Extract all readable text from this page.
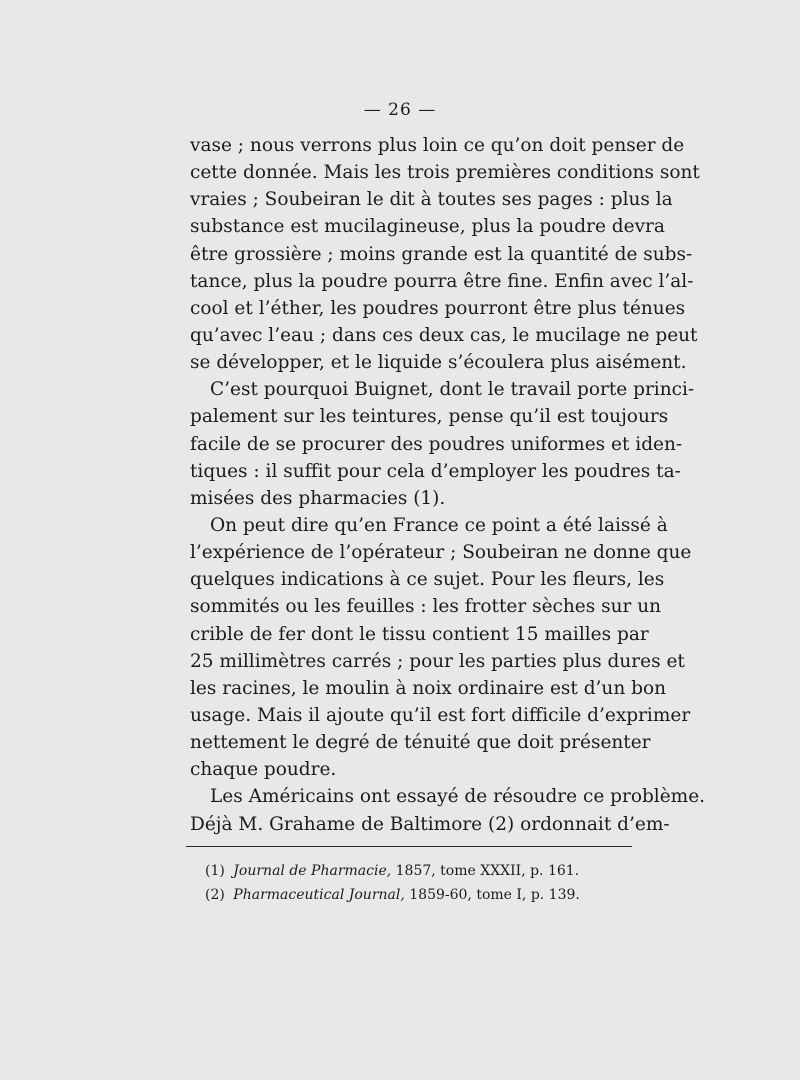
— 26 —
vase ; nous verrons plus loin ce qu’on doit penser de
cette donnée. Mais les trois premières conditions sont
vraies ; Soubeiran le dit à toutes ses pages : plus la
substance est mucilagineuse, plus la poudre devra
être grossière ; moins grande est la quantité de subs-
tance, plus la poudre pourra être fine. Enfin avec l’al-
cool et l’éther, les poudres pourront être plus ténues
qu’avec l’eau ; dans ces deux cas, le mucilage ne peut
se développer, et le liquide s’écoulera plus aisément.
C’est pourquoi Buignet, dont le travail porte princi-
palement sur les teintures, pense qu’il est toujours
facile de se procurer des poudres uniformes et iden-
tiques : il suffit pour cela d’employer les poudres ta-
misées des pharmacies (1).
On peut dire qu’en France ce point a été laissé à
l’expérience de l’opérateur ; Soubeiran ne donne que
quelques indications à ce sujet. Pour les fleurs, les
sommités ou les feuilles : les frotter sèches sur un
crible de fer dont le tissu contient 15 mailles par
25 millimètres carrés ; pour les parties plus dures et
les racines, le moulin à noix ordinaire est d’un bon
usage. Mais il ajoute qu’il est fort difficile d’exprimer
nettement le degré de ténuité que doit présenter
chaque poudre.
Les Américains ont essayé de résoudre ce problème.
Déjà M. Grahame de Baltimore (2) ordonnait d’em-
(1) Journal de Pharmacie, 1857, tome XXXII, p. 161.
(2) Pharmaceutical Journal, 1859-60, tome I, p. 139.
